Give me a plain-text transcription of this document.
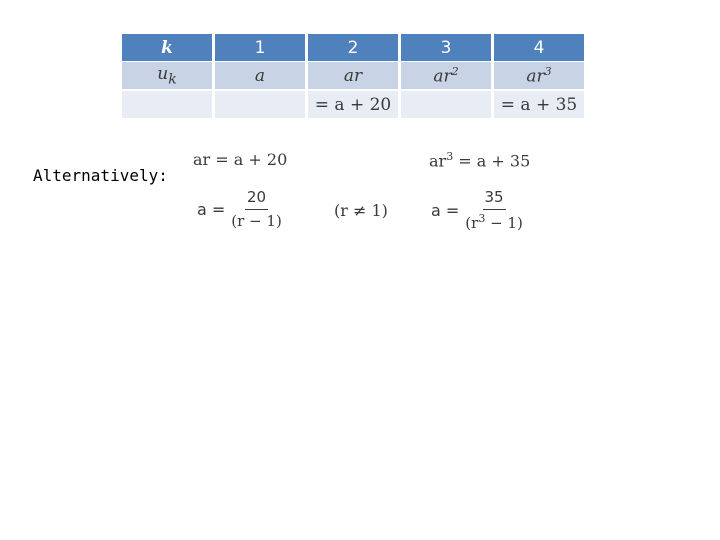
k	1	2	3	4
$u_k$	a	ar	$ar^2$	$ar^3$
		= a + 20		= a + 35
Alternatively:
ar = a + 20	$ar^3 = a + 35$
$a = \frac{20}{(r - 1)}$	(r ≠ 1)	$a = \frac{35}{(r^3 - 1)}$
